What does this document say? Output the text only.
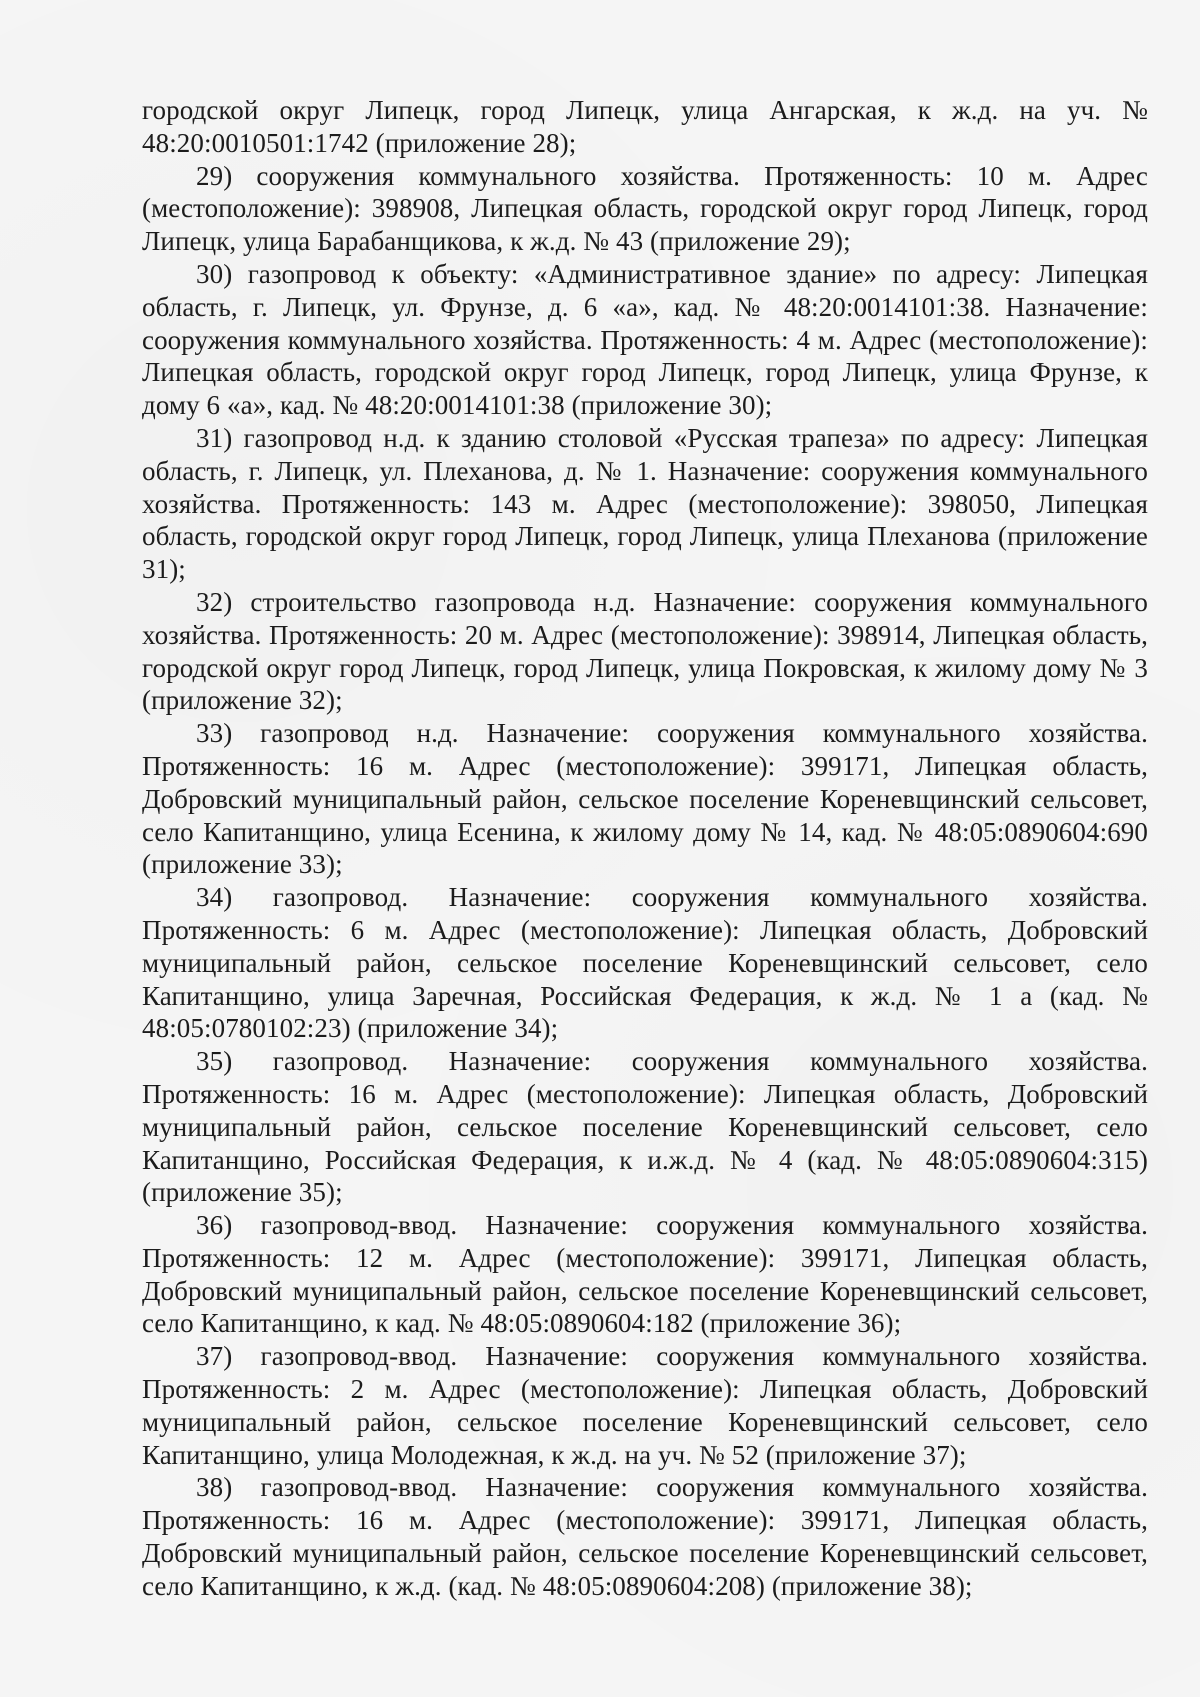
городской округ Липецк, город Липецк, улица Ангарская, к ж.д. на уч. № 48:20:0010501:1742 (приложение 28);

29) сооружения коммунального хозяйства. Протяженность: 10 м. Адрес (местоположение): 398908, Липецкая область, городской округ город Липецк, город Липецк, улица Барабанщикова, к ж.д. № 43 (приложение 29);

30) газопровод к объекту: «Административное здание» по адресу: Липецкая область, г. Липецк, ул. Фрунзе, д. 6 «а», кад. № 48:20:0014101:38. Назначение: сооружения коммунального хозяйства. Протяженность: 4 м. Адрес (местоположение): Липецкая область, городской округ город Липецк, город Липецк, улица Фрунзе, к дому 6 «а», кад. № 48:20:0014101:38 (приложение 30);

31) газопровод н.д. к зданию столовой «Русская трапеза» по адресу: Липецкая область, г. Липецк, ул. Плеханова, д. № 1. Назначение: сооружения коммунального хозяйства. Протяженность: 143 м. Адрес (местоположение): 398050, Липецкая область, городской округ город Липецк, город Липецк, улица Плеханова (приложение 31);

32) строительство газопровода н.д. Назначение: сооружения коммунального хозяйства. Протяженность: 20 м. Адрес (местоположение): 398914, Липецкая область, городской округ город Липецк, город Липецк, улица Покровская, к жилому дому № 3 (приложение 32);

33) газопровод н.д. Назначение: сооружения коммунального хозяйства. Протяженность: 16 м. Адрес (местоположение): 399171, Липецкая область, Добровский муниципальный район, сельское поселение Кореневщинский сельсовет, село Капитанщино, улица Есенина, к жилому дому № 14, кад. № 48:05:0890604:690 (приложение 33);

34) газопровод. Назначение: сооружения коммунального хозяйства. Протяженность: 6 м. Адрес (местоположение): Липецкая область, Добровский муниципальный район, сельское поселение Кореневщинский сельсовет, село Капитанщино, улица Заречная, Российская Федерация, к ж.д. № 1 а (кад. № 48:05:0780102:23) (приложение 34);

35) газопровод. Назначение: сооружения коммунального хозяйства. Протяженность: 16 м. Адрес (местоположение): Липецкая область, Добровский муниципальный район, сельское поселение Кореневщинский сельсовет, село Капитанщино, Российская Федерация, к и.ж.д. № 4 (кад. № 48:05:0890604:315) (приложение 35);

36) газопровод-ввод. Назначение: сооружения коммунального хозяйства. Протяженность: 12 м. Адрес (местоположение): 399171, Липецкая область, Добровский муниципальный район, сельское поселение Кореневщинский сельсовет, село Капитанщино, к кад. № 48:05:0890604:182 (приложение 36);

37) газопровод-ввод. Назначение: сооружения коммунального хозяйства. Протяженность: 2 м. Адрес (местоположение): Липецкая область, Добровский муниципальный район, сельское поселение Кореневщинский сельсовет, село Капитанщино, улица Молодежная, к ж.д. на уч. № 52 (приложение 37);

38) газопровод-ввод. Назначение: сооружения коммунального хозяйства. Протяженность: 16 м. Адрес (местоположение): 399171, Липецкая область, Добровский муниципальный район, сельское поселение Кореневщинский сельсовет, село Капитанщино, к ж.д. (кад. № 48:05:0890604:208) (приложение 38);
